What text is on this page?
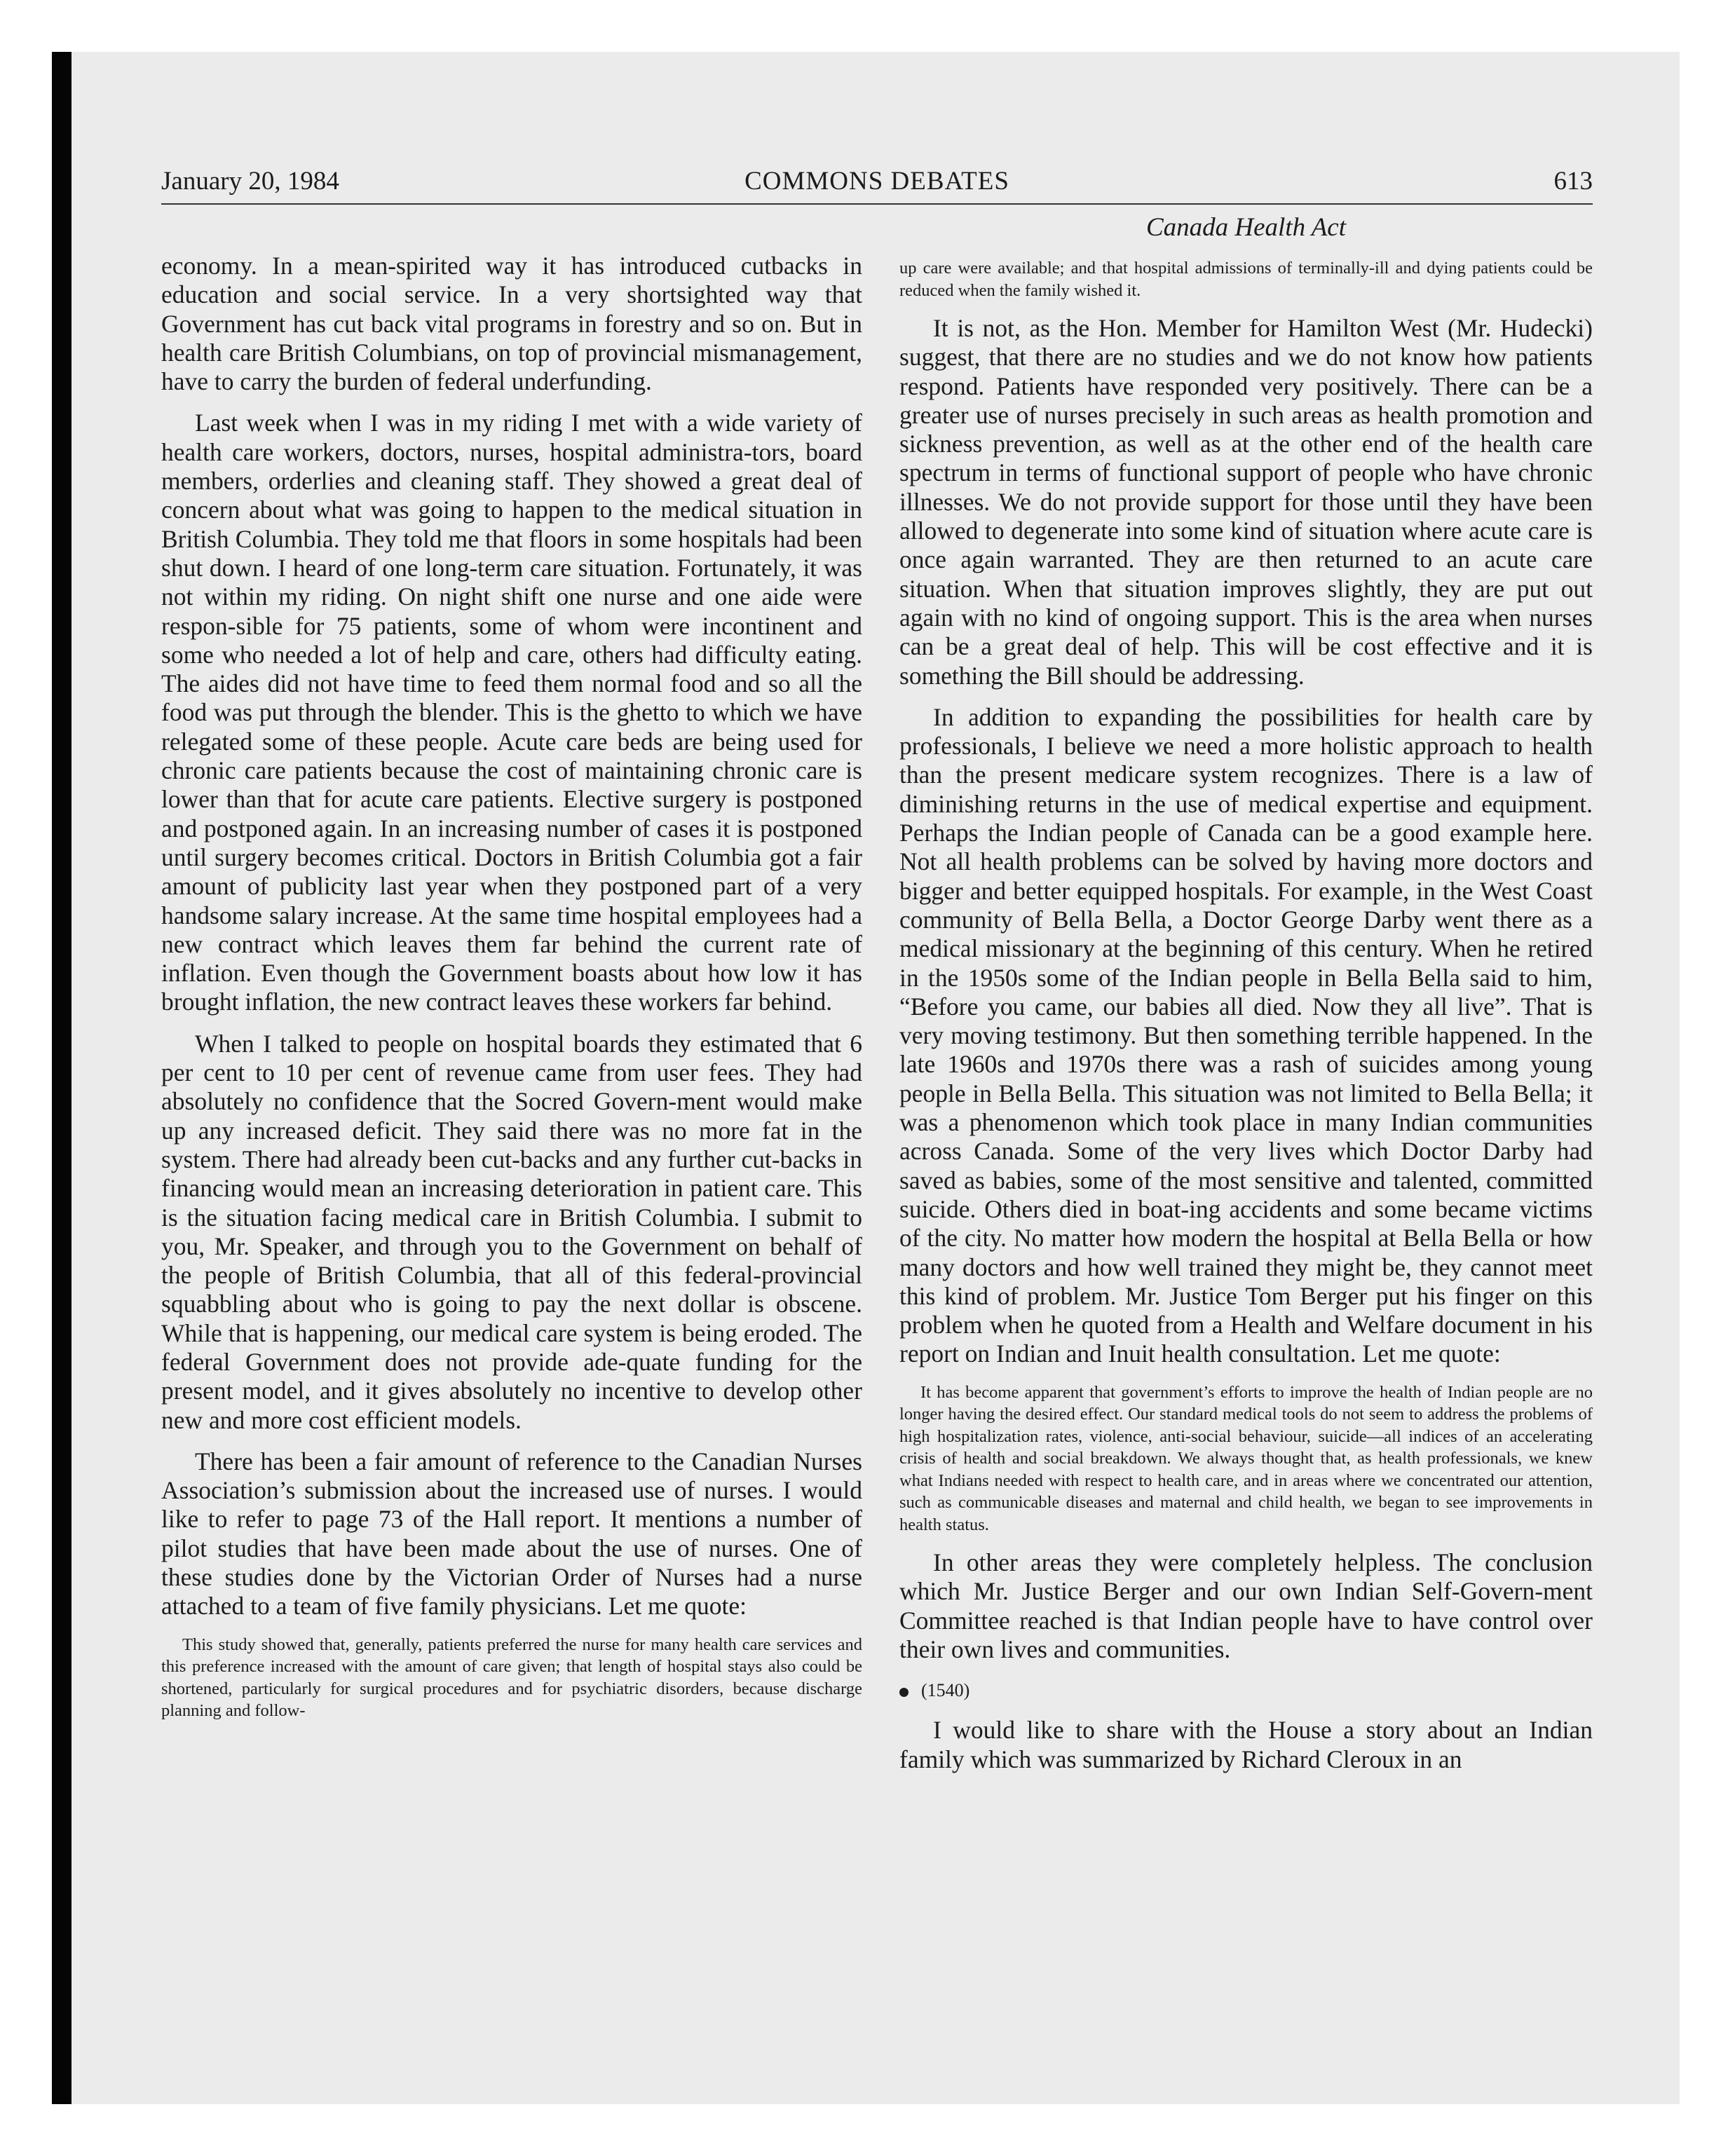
January 20, 1984	COMMONS DEBATES	613
Canada Health Act

economy. In a mean-spirited way it has introduced cutbacks in education and social service. In a very shortsighted way that Government has cut back vital programs in forestry and so on. But in health care British Columbians, on top of provincial mismanagement, have to carry the burden of federal underfunding.

Last week when I was in my riding I met with a wide variety of health care workers, doctors, nurses, hospital administra-tors, board members, orderlies and cleaning staff. They showed a great deal of concern about what was going to happen to the medical situation in British Columbia. They told me that floors in some hospitals had been shut down. I heard of one long-term care situation. Fortunately, it was not within my riding. On night shift one nurse and one aide were respon-sible for 75 patients, some of whom were incontinent and some who needed a lot of help and care, others had difficulty eating. The aides did not have time to feed them normal food and so all the food was put through the blender. This is the ghetto to which we have relegated some of these people. Acute care beds are being used for chronic care patients because the cost of maintaining chronic care is lower than that for acute care patients. Elective surgery is postponed and postponed again. In an increasing number of cases it is postponed until surgery becomes critical. Doctors in British Columbia got a fair amount of publicity last year when they postponed part of a very handsome salary increase. At the same time hospital employees had a new contract which leaves them far behind the current rate of inflation. Even though the Government boasts about how low it has brought inflation, the new contract leaves these workers far behind.

When I talked to people on hospital boards they estimated that 6 per cent to 10 per cent of revenue came from user fees. They had absolutely no confidence that the Socred Govern-ment would make up any increased deficit. They said there was no more fat in the system. There had already been cut-backs and any further cut-backs in financing would mean an increasing deterioration in patient care. This is the situation facing medical care in British Columbia. I submit to you, Mr. Speaker, and through you to the Government on behalf of the people of British Columbia, that all of this federal-provincial squabbling about who is going to pay the next dollar is obscene. While that is happening, our medical care system is being eroded. The federal Government does not provide ade-quate funding for the present model, and it gives absolutely no incentive to develop other new and more cost efficient models.

There has been a fair amount of reference to the Canadian Nurses Association’s submission about the increased use of nurses. I would like to refer to page 73 of the Hall report. It mentions a number of pilot studies that have been made about the use of nurses. One of these studies done by the Victorian Order of Nurses had a nurse attached to a team of five family physicians. Let me quote:

This study showed that, generally, patients preferred the nurse for many health care services and this preference increased with the amount of care given; that length of hospital stays also could be shortened, particularly for surgical procedures and for psychiatric disorders, because discharge planning and follow-

up care were available; and that hospital admissions of terminally-ill and dying patients could be reduced when the family wished it.

It is not, as the Hon. Member for Hamilton West (Mr. Hudecki) suggest, that there are no studies and we do not know how patients respond. Patients have responded very positively. There can be a greater use of nurses precisely in such areas as health promotion and sickness prevention, as well as at the other end of the health care spectrum in terms of functional support of people who have chronic illnesses. We do not provide support for those until they have been allowed to degenerate into some kind of situation where acute care is once again warranted. They are then returned to an acute care situation. When that situation improves slightly, they are put out again with no kind of ongoing support. This is the area when nurses can be a great deal of help. This will be cost effective and it is something the Bill should be addressing.

In addition to expanding the possibilities for health care by professionals, I believe we need a more holistic approach to health than the present medicare system recognizes. There is a law of diminishing returns in the use of medical expertise and equipment. Perhaps the Indian people of Canada can be a good example here. Not all health problems can be solved by having more doctors and bigger and better equipped hospitals. For example, in the West Coast community of Bella Bella, a Doctor George Darby went there as a medical missionary at the beginning of this century. When he retired in the 1950s some of the Indian people in Bella Bella said to him, “Before you came, our babies all died. Now they all live”. That is very moving testimony. But then something terrible happened. In the late 1960s and 1970s there was a rash of suicides among young people in Bella Bella. This situation was not limited to Bella Bella; it was a phenomenon which took place in many Indian communities across Canada. Some of the very lives which Doctor Darby had saved as babies, some of the most sensitive and talented, committed suicide. Others died in boat-ing accidents and some became victims of the city. No matter how modern the hospital at Bella Bella or how many doctors and how well trained they might be, they cannot meet this kind of problem. Mr. Justice Tom Berger put his finger on this problem when he quoted from a Health and Welfare document in his report on Indian and Inuit health consultation. Let me quote:

It has become apparent that government’s efforts to improve the health of Indian people are no longer having the desired effect. Our standard medical tools do not seem to address the problems of high hospitalization rates, violence, anti-social behaviour, suicide—all indices of an accelerating crisis of health and social breakdown. We always thought that, as health professionals, we knew what Indians needed with respect to health care, and in areas where we concentrated our attention, such as communicable diseases and maternal and child health, we began to see improvements in health status.

In other areas they were completely helpless. The conclusion which Mr. Justice Berger and our own Indian Self-Govern-ment Committee reached is that Indian people have to have control over their own lives and communities.

(1540)

I would like to share with the House a story about an Indian family which was summarized by Richard Cleroux in an
